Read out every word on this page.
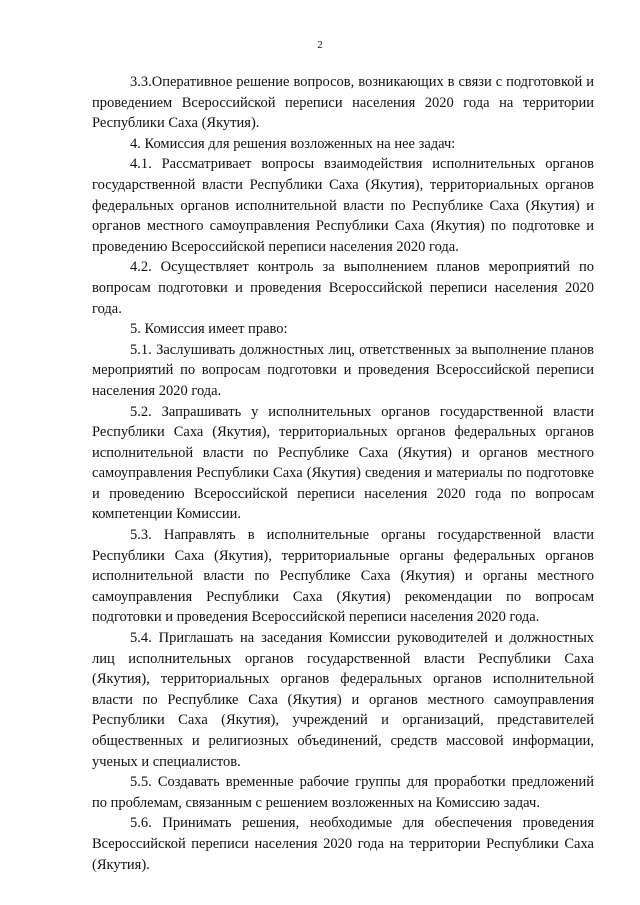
2

3.3.Оперативное решение вопросов, возникающих в связи с подготовкой и проведением Всероссийской переписи населения 2020 года на территории Республики Саха (Якутия).

4. Комиссия для решения возложенных на нее задач:

4.1. Рассматривает вопросы взаимодействия исполнительных органов государственной власти Республики Саха (Якутия), территориальных органов федеральных органов исполнительной власти по Республике Саха (Якутия) и органов местного самоуправления Республики Саха (Якутия) по подготовке и проведению Всероссийской переписи населения 2020 года.

4.2. Осуществляет контроль за выполнением планов мероприятий по вопросам подготовки и проведения Всероссийской переписи населения 2020 года.

5. Комиссия имеет право:

5.1. Заслушивать должностных лиц, ответственных за выполнение планов мероприятий по вопросам подготовки и проведения Всероссийской переписи населения 2020 года.

5.2. Запрашивать у исполнительных органов государственной власти Республики Саха (Якутия), территориальных органов федеральных органов исполнительной власти по Республике Саха (Якутия) и органов местного самоуправления Республики Саха (Якутия) сведения и материалы по подготовке и проведению Всероссийской переписи населения 2020 года по вопросам компетенции Комиссии.

5.3. Направлять в исполнительные органы государственной власти Республики Саха (Якутия), территориальные органы федеральных органов исполнительной власти по Республике Саха (Якутия) и органы местного самоуправления Республики Саха (Якутия) рекомендации по вопросам подготовки и проведения Всероссийской переписи населения 2020 года.

5.4. Приглашать на заседания Комиссии руководителей и должностных лиц исполнительных органов государственной власти Республики Саха (Якутия), территориальных органов федеральных органов исполнительной власти по Республике Саха (Якутия) и органов местного самоуправления Республики Саха (Якутия), учреждений и организаций, представителей общественных и религиозных объединений, средств массовой информации, ученых и специалистов.

5.5. Создавать временные рабочие группы для проработки предложений по проблемам, связанным с решением возложенных на Комиссию задач.

5.6. Принимать решения, необходимые для обеспечения проведения Всероссийской переписи населения 2020 года на территории Республики Саха (Якутия).
